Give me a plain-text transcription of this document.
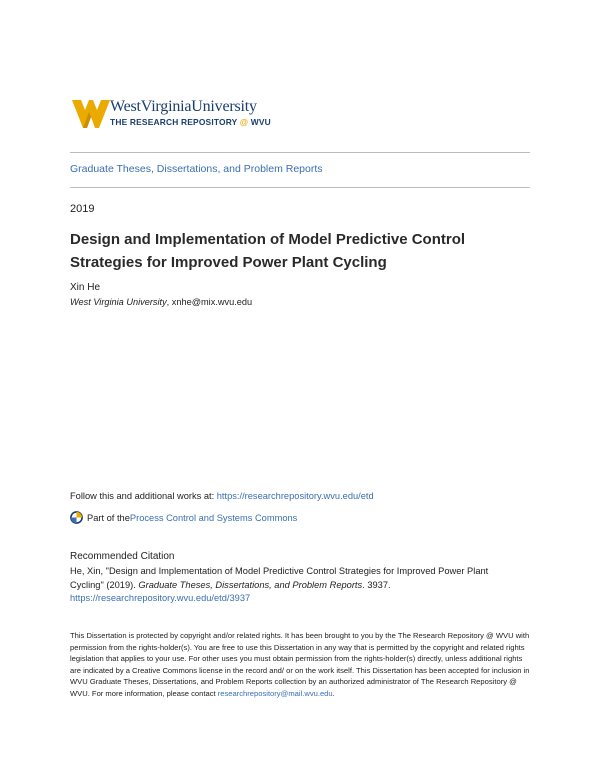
WestVirginiaUniversity
THE RESEARCH REPOSITORY @ WVU
Graduate Theses, Dissertations, and Problem Reports
2019
Design and Implementation of Model Predictive Control Strategies for Improved Power Plant Cycling
Xin He
West Virginia University, xnhe@mix.wvu.edu
Follow this and additional works at: https://researchrepository.wvu.edu/etd
Part of the Process Control and Systems Commons
Recommended Citation
He, Xin, "Design and Implementation of Model Predictive Control Strategies for Improved Power Plant Cycling" (2019). Graduate Theses, Dissertations, and Problem Reports. 3937.
https://researchrepository.wvu.edu/etd/3937
This Dissertation is protected by copyright and/or related rights. It has been brought to you by the The Research Repository @ WVU with permission from the rights-holder(s). You are free to use this Dissertation in any way that is permitted by the copyright and related rights legislation that applies to your use. For other uses you must obtain permission from the rights-holder(s) directly, unless additional rights are indicated by a Creative Commons license in the record and/ or on the work itself. This Dissertation has been accepted for inclusion in WVU Graduate Theses, Dissertations, and Problem Reports collection by an authorized administrator of The Research Repository @ WVU. For more information, please contact researchrepository@mail.wvu.edu.
